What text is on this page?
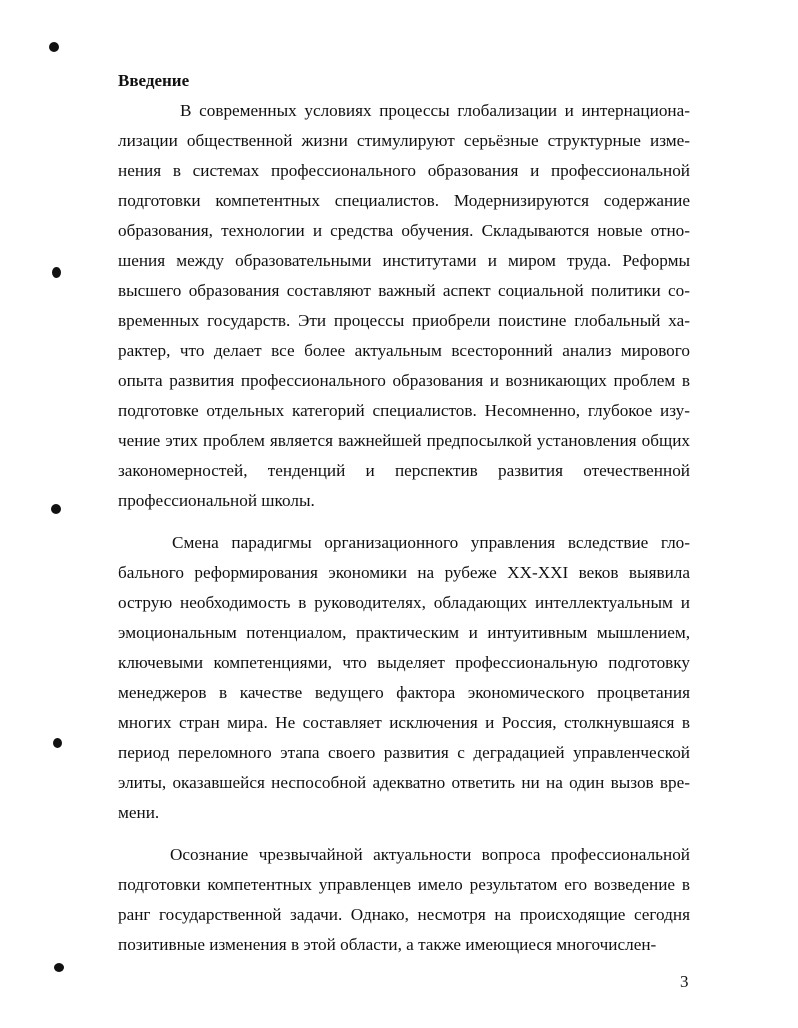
Введение

В современных условиях процессы глобализации и интернационализации общественной жизни стимулируют серьёзные структурные изменения в системах профессионального образования и профессиональной подготовки компетентных специалистов. Модернизируются содержание образования, технологии и средства обучения. Складываются новые отношения между образовательными институтами и миром труда. Реформы высшего образования составляют важный аспект социальной политики современных государств. Эти процессы приобрели поистине глобальный характер, что делает все более актуальным всесторонний анализ мирового опыта развития профессионального образования и возникающих проблем в подготовке отдельных категорий специалистов. Несомненно, глубокое изучение этих проблем является важнейшей предпосылкой установления общих закономерностей, тенденций и перспектив развития отечественной профессиональной школы.

Смена парадигмы организационного управления вследствие глобального реформирования экономики на рубеже XX-XXI веков выявила острую необходимость в руководителях, обладающих интеллектуальным и эмоциональным потенциалом, практическим и интуитивным мышлением, ключевыми компетенциями, что выделяет профессиональную подготовку менеджеров в качестве ведущего фактора экономического процветания многих стран мира. Не составляет исключения и Россия, столкнувшаяся в период переломного этапа своего развития с деградацией управленческой элиты, оказавшейся неспособной адекватно ответить ни на один вызов времени.

Осознание чрезвычайной актуальности вопроса профессиональной подготовки компетентных управленцев имело результатом его возведение в ранг государственной задачи. Однако, несмотря на происходящие сегодня позитивные изменения в этой области, а также имеющиеся многочислен-

3
